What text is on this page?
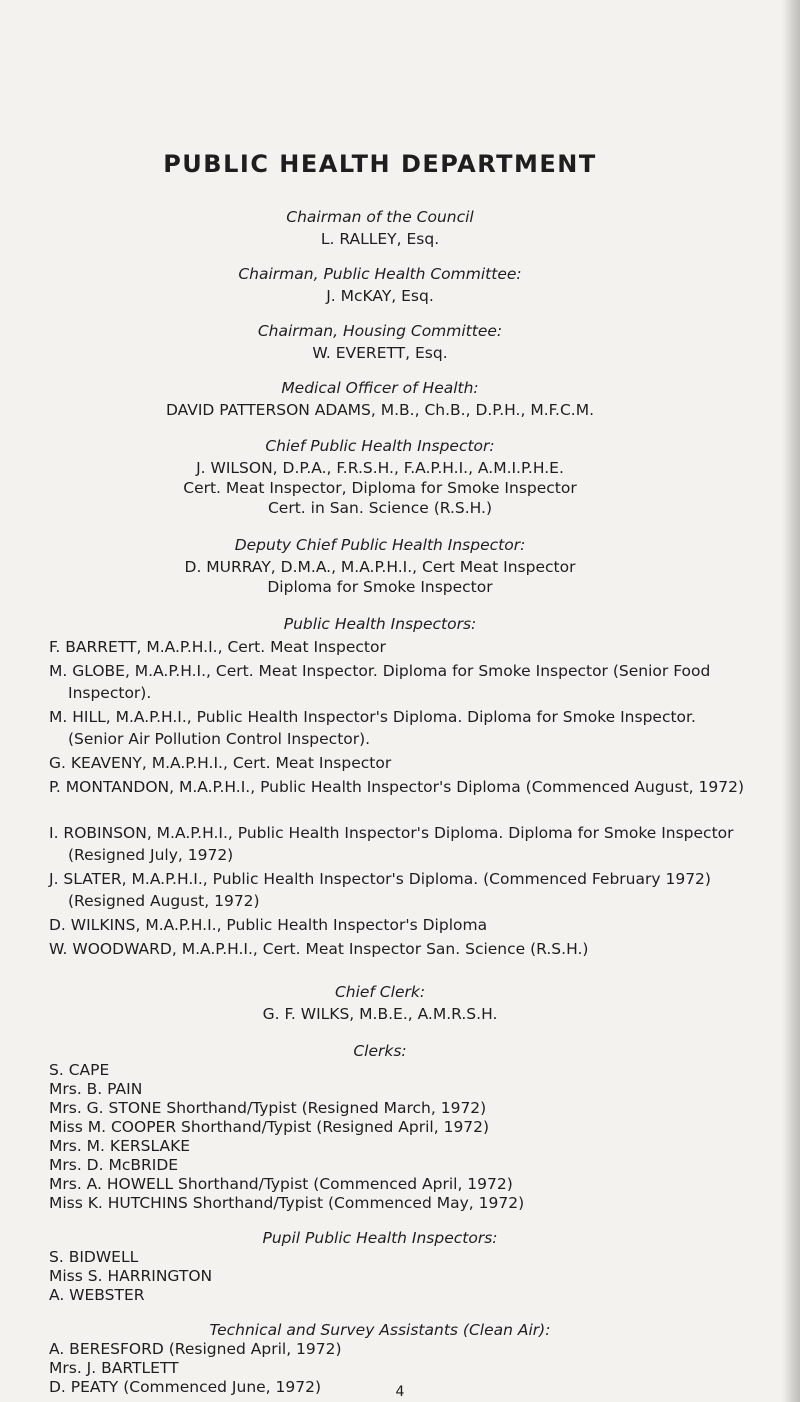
PUBLIC HEALTH DEPARTMENT
Chairman of the Council
L. RALLEY, Esq.
Chairman, Public Health Committee:
J. McKAY, Esq.
Chairman, Housing Committee:
W. EVERETT, Esq.
Medical Officer of Health:
DAVID PATTERSON ADAMS, M.B., Ch.B., D.P.H., M.F.C.M.
Chief Public Health Inspector:
J. WILSON, D.P.A., F.R.S.H., F.A.P.H.I., A.M.I.P.H.E.
Cert. Meat Inspector, Diploma for Smoke Inspector
Cert. in San. Science (R.S.H.)
Deputy Chief Public Health Inspector:
D. MURRAY, D.M.A., M.A.P.H.I., Cert Meat Inspector
Diploma for Smoke Inspector
Public Health Inspectors:
F. BARRETT, M.A.P.H.I., Cert. Meat Inspector
M. GLOBE, M.A.P.H.I., Cert. Meat Inspector. Diploma for Smoke Inspector (Senior Food Inspector).
M. HILL, M.A.P.H.I., Public Health Inspector's Diploma. Diploma for Smoke Inspector. (Senior Air Pollution Control Inspector).
G. KEAVENY, M.A.P.H.I., Cert. Meat Inspector
P. MONTANDON, M.A.P.H.I., Public Health Inspector's Diploma (Commenced August, 1972)
I. ROBINSON, M.A.P.H.I., Public Health Inspector's Diploma. Diploma for Smoke Inspector (Resigned July, 1972)
J. SLATER, M.A.P.H.I., Public Health Inspector's Diploma. (Commenced February 1972) (Resigned August, 1972)
D. WILKINS, M.A.P.H.I., Public Health Inspector's Diploma
W. WOODWARD, M.A.P.H.I., Cert. Meat Inspector San. Science (R.S.H.)
Chief Clerk:
G. F. WILKS, M.B.E., A.M.R.S.H.
Clerks:
S. CAPE
Mrs. B. PAIN
Mrs. G. STONE Shorthand/Typist (Resigned March, 1972)
Miss M. COOPER Shorthand/Typist (Resigned April, 1972)
Mrs. M. KERSLAKE
Mrs. D. McBRIDE
Mrs. A. HOWELL Shorthand/Typist (Commenced April, 1972)
Miss K. HUTCHINS Shorthand/Typist (Commenced May, 1972)
Pupil Public Health Inspectors:
S. BIDWELL
Miss S. HARRINGTON
A. WEBSTER
Technical and Survey Assistants (Clean Air):
A. BERESFORD (Resigned April, 1972)
Mrs. J. BARTLETT
D. PEATY (Commenced June, 1972)	4
